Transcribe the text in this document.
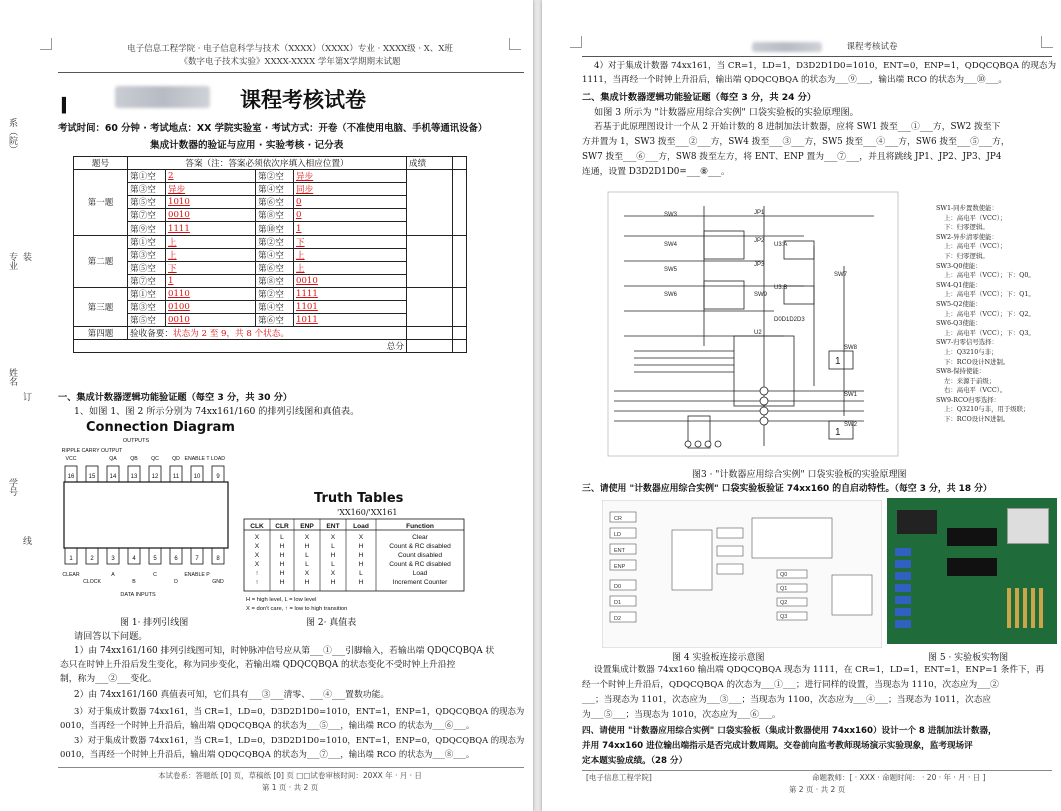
电子信息工程学院 · 电子信息科学与技术（XXXX）（XXXX）专业 · XXXX级 · X、X班
《数字电子技术实验》XXXX-XXXX 学年第X学期期末试题
系（院）
专业 装
姓名
订
学号
线
▍	课程考核试卷
考试时间：60 分钟 · 考试地点：XX 学院实验室 · 考试方式：开卷（不准使用电脑、手机等通讯设备）
集成计数器的验证与应用 · 实验考核 · 记分表
题号	答案（注：答案必须依次序填入相应位置）				成绩	
第一题	第①空	2	第②空	异步		
	第③空	异步	第④空	同步		
	第⑤空	1010	第⑥空	0		
	第⑦空	0010	第⑧空	0		
	第⑨空	1111	第⑩空	1		
第二题	第①空	上	第②空	下		
	第③空	上	第④空	上		
	第⑤空	下	第⑥空	上		
	第⑦空	1	第⑧空	0010		
第三题	第①空	0110	第②空	1111		
	第③空	0100	第④空	1101		
	第⑤空	0010	第⑥空	1011		
第四题	验收备要：状态为 2 至 9，共 8 个状态。					
总分						
一、集成计数器逻辑功能验证题（每空 3 分，共 30 分）
1、如图 1、图 2 所示分别为 74xx161/160 的排列引线图和真值表。
Connection Diagram
OUTPUTS
16
1
VCC
CLEAR
15
2
RIPPLE CARRY OUTPUT
CLOCK
14
3
QA
A
13
4
QB
B
12
5
QC
C
11
6
QD
D
10
7
ENABLE T
ENABLE P
9
8
LOAD
GND
DATA INPUTS
Truth Tables
'XX160/'XX161
CLK CLR ENP ENT Load	Function
X	L	X	X	X	Clear
X	H	H	L	H	Count & RC disabled
X	H	L	H	H	Count disabled
X	H	L	L	H	Count & RC disabled
↑	H	X	X	L	Load
↑	H	H	H	H	Increment Counter
H = high level, L = low level
X = don't care, ↑ = low to high transition
图 1· 排列引线图	图 2· 真值表
请回答以下问题。
1）由 74xx161/160 排列引线图可知，时钟脉冲信号应从第___①___引脚输入，若输出端 QDQCQBQA 状
态只在时钟上升沿后发生变化，称为同步变化，若输出端 QDQCQBQA 的状态变化不受时钟上升沿控
制，称为___②___变化。
2）由 74xx161/160 真值表可知，它们具有___③___清零、___④___置数功能。
3）对于集成计数器 74xx161，当 CR=1，LD=0，D3D2D1D0=1010，ENT=1，ENP=1，QDQCQBQA 的现态为
0010，当再经一个时钟上升沿后，输出端 QDQCQBQA 的状态为___⑤___，输出端 RCO 的状态为___⑥___。
3）对于集成计数器 74xx161，当 CR=1，LD=0，D3D2D1D0=1010，ENT=1，ENP=0，QDQCQBQA 的现态为
0010，当再经一个时钟上升沿后，输出端 QDQCQBQA 的状态为___⑦___，输出端 RCO 的状态为___⑧___。
本试卷系：答题纸 [0] 页，草稿纸 [0] 页 □□试卷审核时间：20XX 年 · 月 · 日
第 1 页 · 共 2 页
课程考核试卷
4）对于集成计数器 74xx161，当 CR=1，LD=1，D3D2D1D0=1010，ENT=0，ENP=1，QDQCQBQA 的现态为
1111，当再经一个时钟上升沿后，输出端 QDQCQBQA 的状态为___⑨___，输出端 RCO 的状态为___⑩___。
二、集成计数器逻辑功能验证题（每空 3 分，共 24 分）
如图 3 所示为 "计数器应用综合实例" 口袋实验板的实验原理图。
若基于此原理图设计一个从 2 开始计数的 8 进制加法计数器，应将 SW1 拨至___①___方，SW2 拨至下
方并置为 1，SW3 拨至___②___方，SW4 拨至___③___方，SW5 拨至___④___方，SW6 拨至___⑤___方，
SW7 拨至___⑥___方，SW8 拨至左方，将 ENT、ENP 置为___⑦___，并且将跳线 JP1、JP2、JP3、JP4
连通，设置 D3D2D1D0=___⑧___。
SW3
SW4
SW5
SW6	SW9
SW7
JP1
JP2
JP3
U3:A
U3:B
U2
D0D1D2D3
SW1
SW2
SW8
1
1
SW1-同步置数使能：
上：高电平（VCC）；
下：归零逻辑。
SW2-异步清零使能：
上：高电平（VCC）；
下：归零逻辑。
SW3-Q0使能：
上：高电平（VCC）；下：Q0。
SW4-Q1使能：
上：高电平（VCC）；下：Q1。
SW5-Q2使能：
上：高电平（VCC）；下：Q2。
SW6-Q3使能：
上：高电平（VCC）；下：Q3。
SW7-归零信号选择：
上：Q3210与非；
下：RCO设计N进制。
SW8-保持使能：
左：来源于前级；
右：高电平（VCC）。
SW9-RCO归零选择：
上：Q3210与非，用于级联；
下：RCO设计N进制。
图3 · "计数器应用综合实例" 口袋实验板的实验原理图
三、请使用 "计数器应用综合实例" 口袋实验板验证 74xx160 的自启动特性。（每空 3 分，共 18 分）
CR
LD
ENT
ENP
D0
D1
D2
Q0
Q1
Q2
Q3
图 4 实验板连接示意图	图 5 · 实验板实物图
设置集成计数器 74xx160 输出端 QDQCQBQA 现态为 1111，在 CR=1，LD=1，ENT=1，ENP=1 条件下，再
经一个时钟上升沿后，QDQCQBQA 的次态为___①___；进行同样的设置，当现态为 1110，次态应为___②
___；当现态为 1101，次态应为___③___；当现态为 1100，次态应为___④___；当现态为 1011，次态应
为___⑤___；当现态为 1010，次态应为___⑥___。
四、请使用 "计数器应用综合实例" 口袋实验板（集成计数器使用 74xx160）设计一个 8 进制加法计数器，
并用 74xx160 进位输出端指示是否完成计数周期。交卷前向监考教师现场演示实验现象，监考现场评
定本题实验成绩。（28 分）
[电子信息工程学院]	命题教师：[ · XXX · 命题时间： · 20 · 年 · 月 · 日 ]
第 2 页 · 共 2 页
